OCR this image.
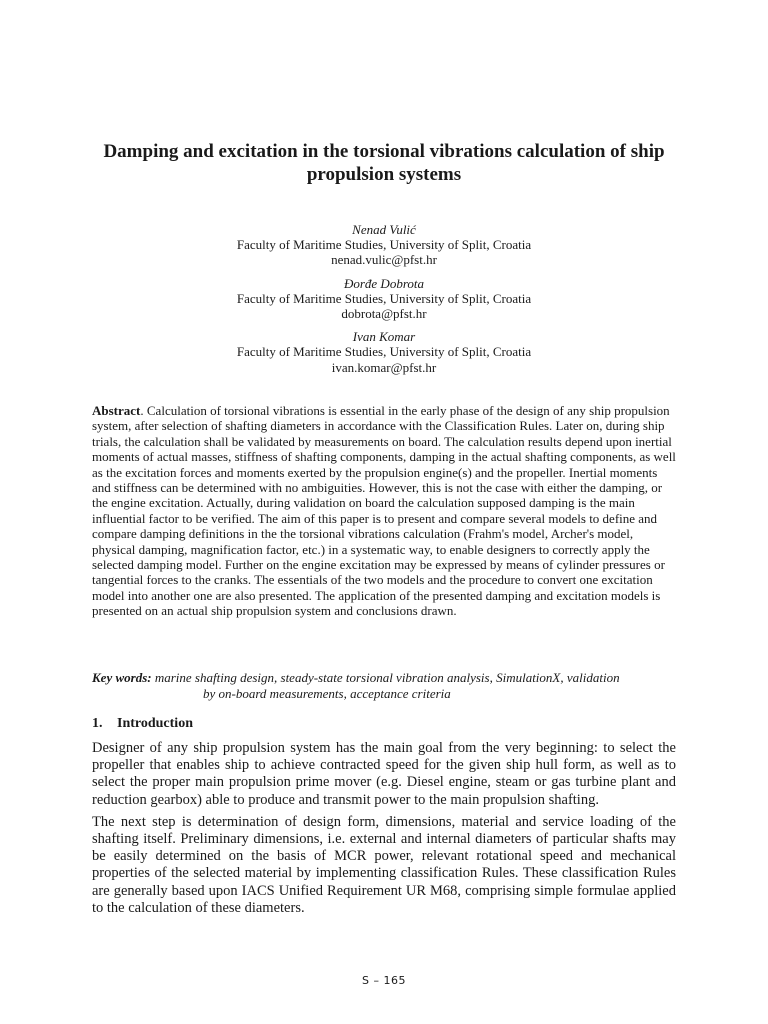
Damping and excitation in the torsional vibrations calculation of ship propulsion systems
Nenad Vulić
Faculty of Maritime Studies, University of Split, Croatia
nenad.vulic@pfst.hr
Đorđe Dobrota
Faculty of Maritime Studies, University of Split, Croatia
dobrota@pfst.hr
Ivan Komar
Faculty of Maritime Studies, University of Split, Croatia
ivan.komar@pfst.hr

Abstract. Calculation of torsional vibrations is essential in the early phase of the design of any ship propulsion system, after selection of shafting diameters in accordance with the Classification Rules. Later on, during ship trials, the calculation shall be validated by measurements on board. The calculation results depend upon inertial moments of actual masses, stiffness of shafting components, damping in the actual shafting components, as well as the excitation forces and moments exerted by the propulsion engine(s) and the propeller. Inertial moments and stiffness can be determined with no ambiguities. However, this is not the case with either the damping, or the engine excitation. Actually, during validation on board the calculation supposed damping is the main influential factor to be verified. The aim of this paper is to present and compare several models to define and compare damping definitions in the the torsional vibrations calculation (Frahm's model, Archer's model, physical damping, magnification factor, etc.) in a systematic way, to enable designers to correctly apply the selected damping model. Further on the engine excitation may be expressed by means of cylinder pressures or tangential forces to the cranks. The essentials of the two models and the procedure to convert one excitation model into another one are also presented. The application of the presented damping and excitation models is presented on an actual ship propulsion system and conclusions drawn.

Key words: marine shafting design, steady-state torsional vibration analysis, SimulationX, validation
by on-board measurements, acceptance criteria

1. Introduction

Designer of any ship propulsion system has the main goal from the very beginning: to select the propeller that enables ship to achieve contracted speed for the given ship hull form, as well as to select the proper main propulsion prime mover (e.g. Diesel engine, steam or gas turbine plant and reduction gearbox) able to produce and transmit power to the main propulsion shafting.

The next step is determination of design form, dimensions, material and service loading of the shafting itself. Preliminary dimensions, i.e. external and internal diameters of particular shafts may be easily determined on the basis of MCR power, relevant rotational speed and mechanical properties of the selected material by implementing classification Rules. These classification Rules are generally based upon IACS Unified Requirement UR M68, comprising simple formulae applied to the calculation of these diameters.

S – 165
